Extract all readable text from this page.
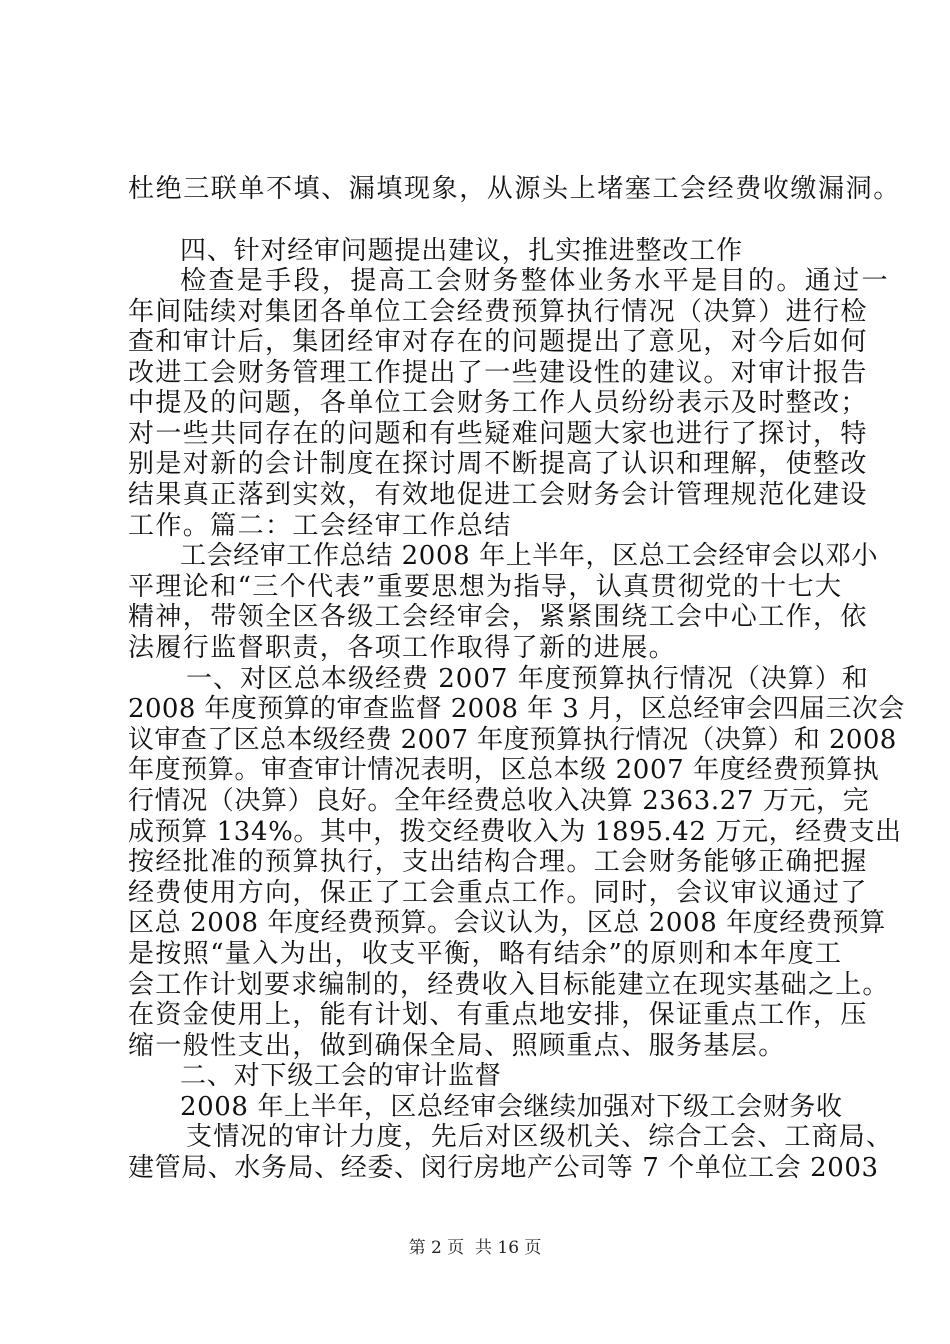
杜绝三联单不填、漏填现象，从源头上堵塞工会经费收缴漏洞。
四、针对经审问题提出建议，扎实推进整改工作
检查是手段，提高工会财务整体业务水平是目的。通过一
年间陆续对集团各单位工会经费预算执行情况（决算）进行检
查和审计后，集团经审对存在的问题提出了意见，对今后如何
改进工会财务管理工作提出了一些建设性的建议。对审计报告
中提及的问题，各单位工会财务工作人员纷纷表示及时整改；
对一些共同存在的问题和有些疑难问题大家也进行了探讨，特
别是对新的会计制度在探讨周不断提高了认识和理解，使整改
结果真正落到实效，有效地促进工会财务会计管理规范化建设
工作。篇二：工会经审工作总结
工会经审工作总结 2008 年上半年，区总工会经审会以邓小
平理论和“三个代表”重要思想为指导，认真贯彻党的十七大
精神，带领全区各级工会经审会，紧紧围绕工会中心工作，依
法履行监督职责，各项工作取得了新的进展。
一、对区总本级经费 2007 年度预算执行情况（决算）和
2008 年度预算的审查监督 2008 年 3 月，区总经审会四届三次会
议审查了区总本级经费 2007 年度预算执行情况（决算）和 2008
年度预算。审查审计情况表明，区总本级 2007 年度经费预算执
行情况（决算）良好。全年经费总收入决算 2363.27 万元，完
成预算 134%。其中，拨交经费收入为 1895.42 万元，经费支出
按经批准的预算执行，支出结构合理。工会财务能够正确把握
经费使用方向，保正了工会重点工作。同时，会议审议通过了
区总 2008 年度经费预算。会议认为，区总 2008 年度经费预算
是按照“量入为出，收支平衡，略有结余”的原则和本年度工
会工作计划要求编制的，经费收入目标能建立在现实基础之上。
在资金使用上，能有计划、有重点地安排，保证重点工作，压
缩一般性支出，做到确保全局、照顾重点、服务基层。
二、对下级工会的审计监督
2008 年上半年，区总经审会继续加强对下级工会财务收
支情况的审计力度，先后对区级机关、综合工会、工商局、
建管局、水务局、经委、闵行房地产公司等 7 个单位工会 2003
第 2 页  共 16 页
